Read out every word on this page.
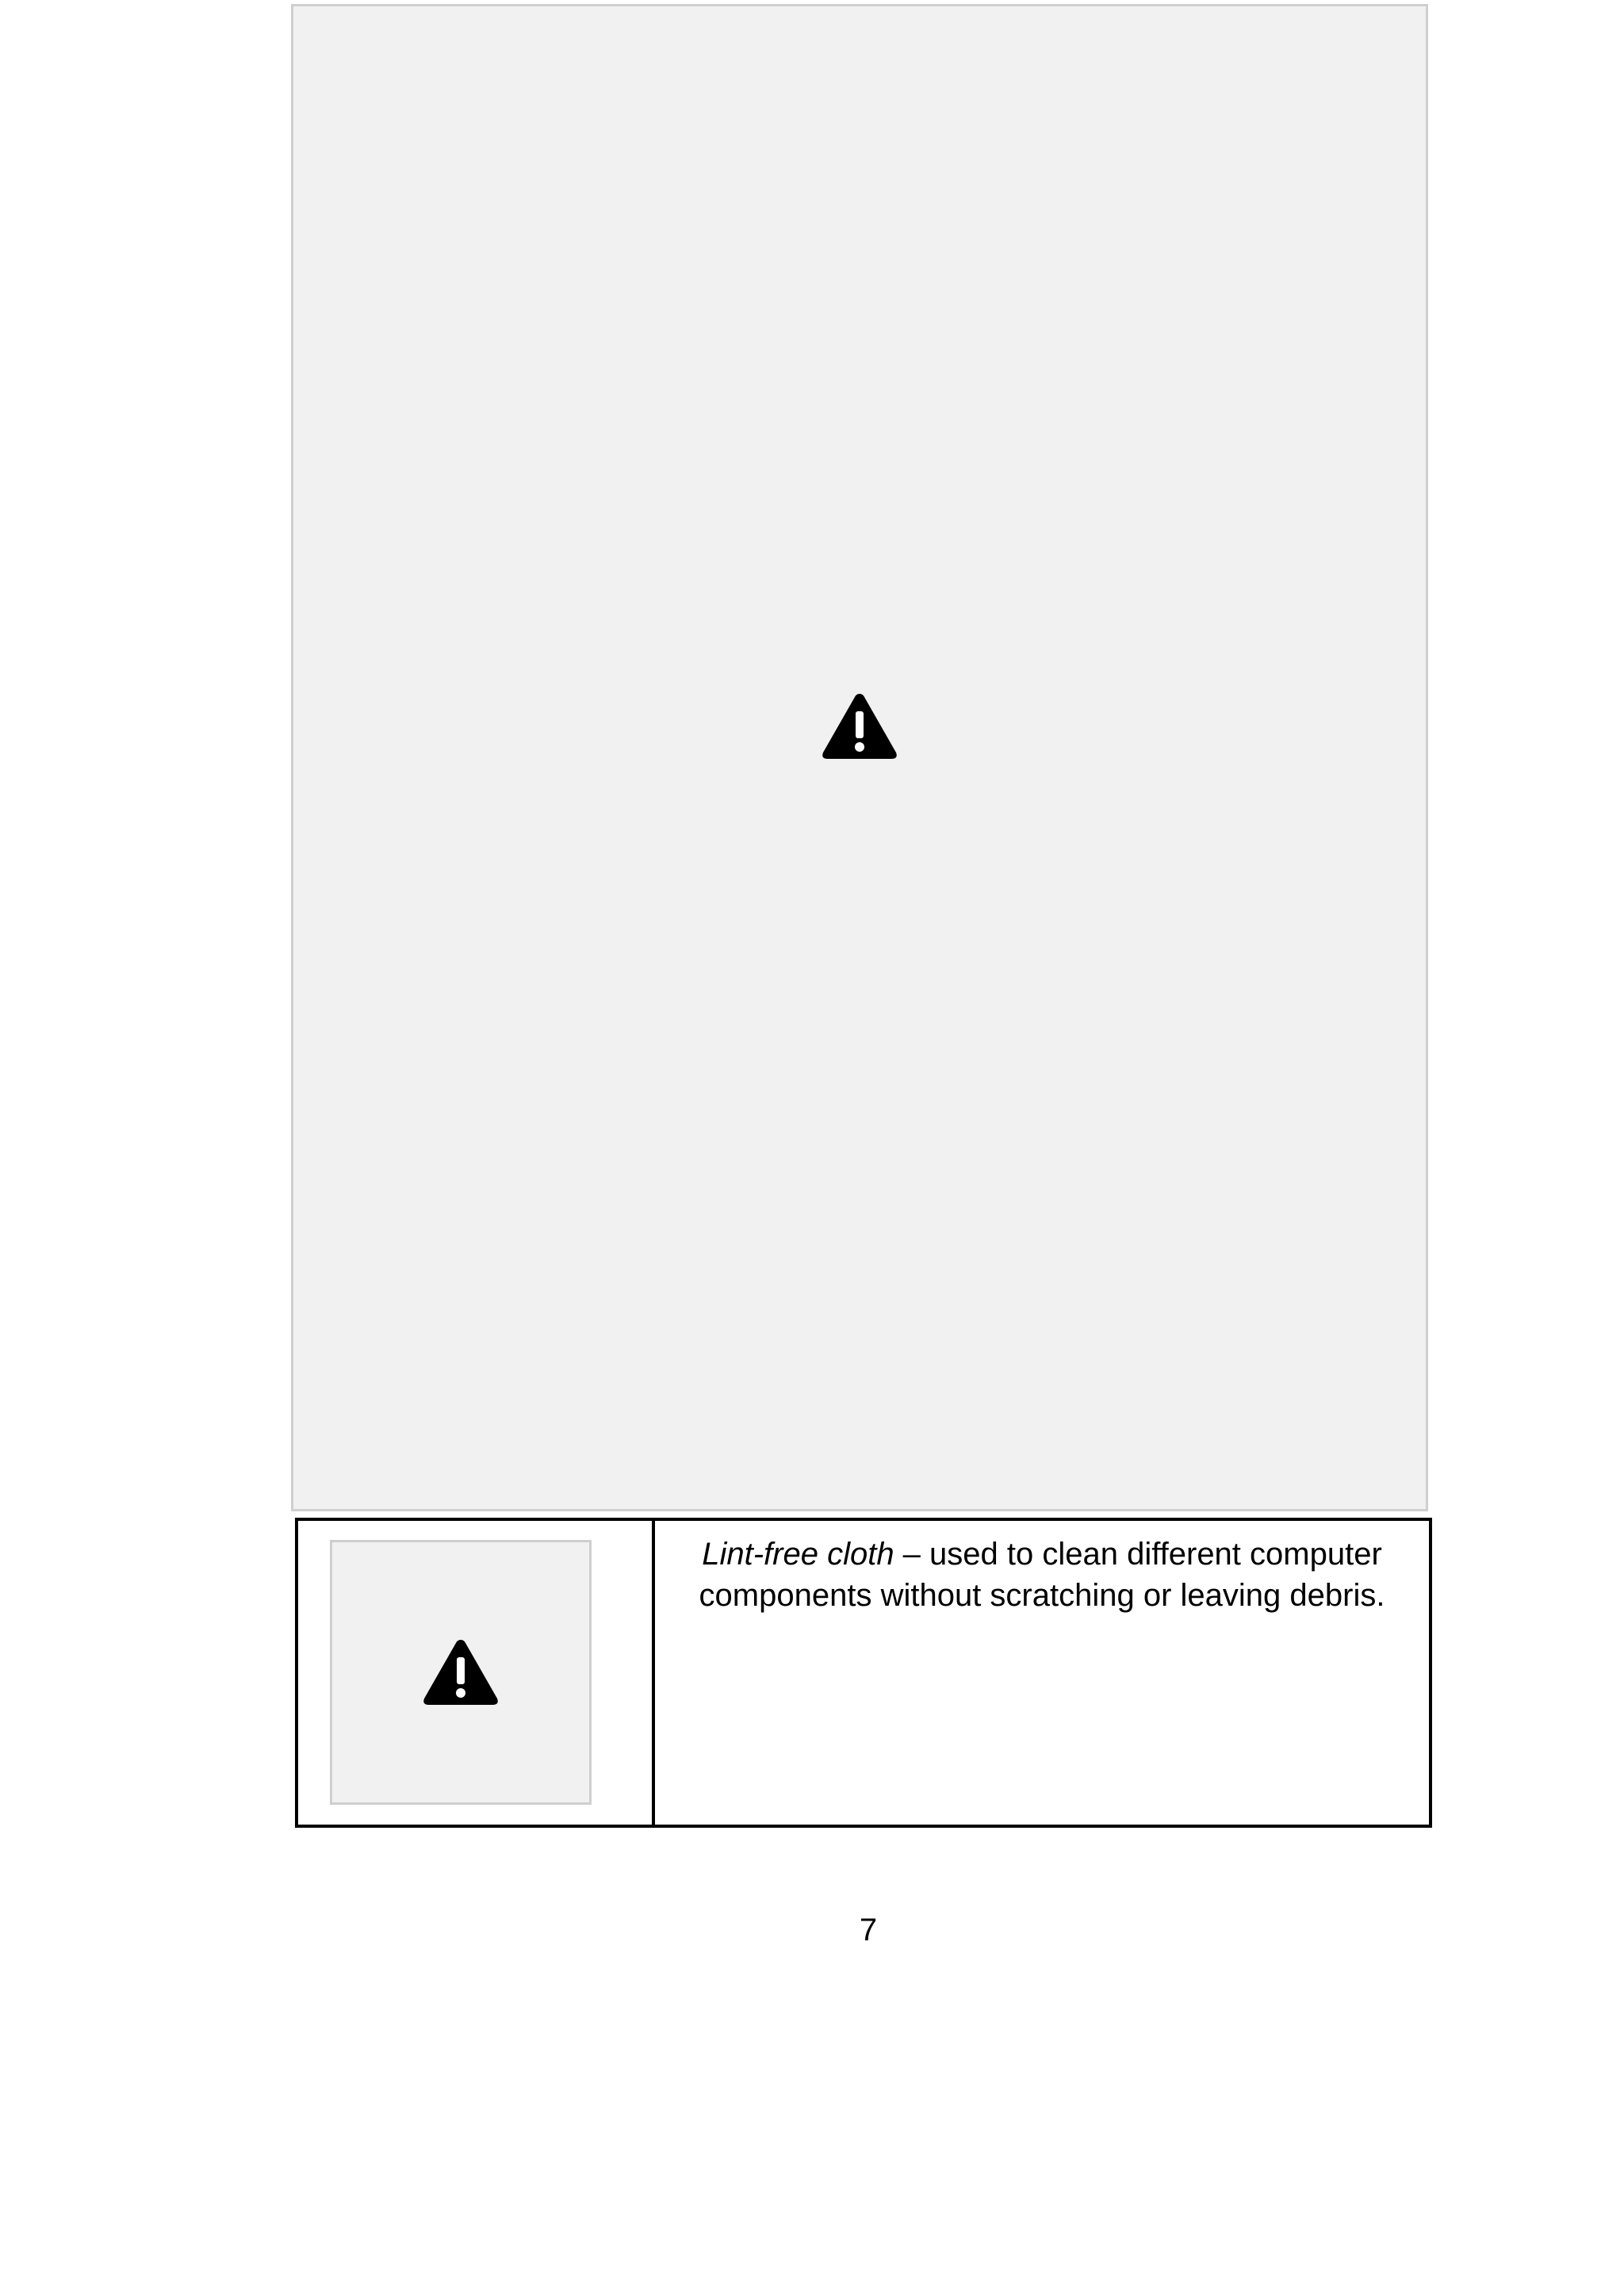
Lint-free cloth – used to clean different computer components without scratching or leaving debris.
7
